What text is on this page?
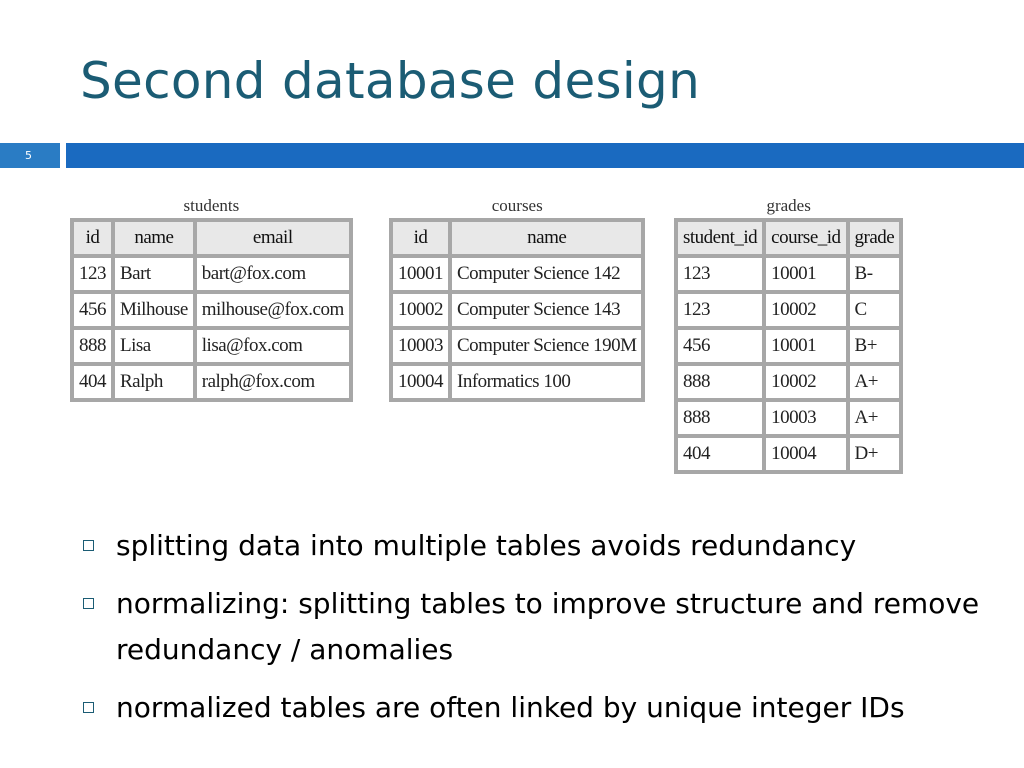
Second database design
5
students
id	name	email
123	Bart	bart@fox.com
456	Milhouse	milhouse@fox.com
888	Lisa	lisa@fox.com
404	Ralph	ralph@fox.com
courses
id	name
10001	Computer Science 142
10002	Computer Science 143
10003	Computer Science 190M
10004	Informatics 100
grades
student_id	course_id	grade
123	10001	B-
123	10002	C
456	10001	B+
888	10002	A+
888	10003	A+
404	10004	D+
splitting data into multiple tables avoids redundancy
normalizing: splitting tables to improve structure and remove redundancy / anomalies
normalized tables are often linked by unique integer IDs
